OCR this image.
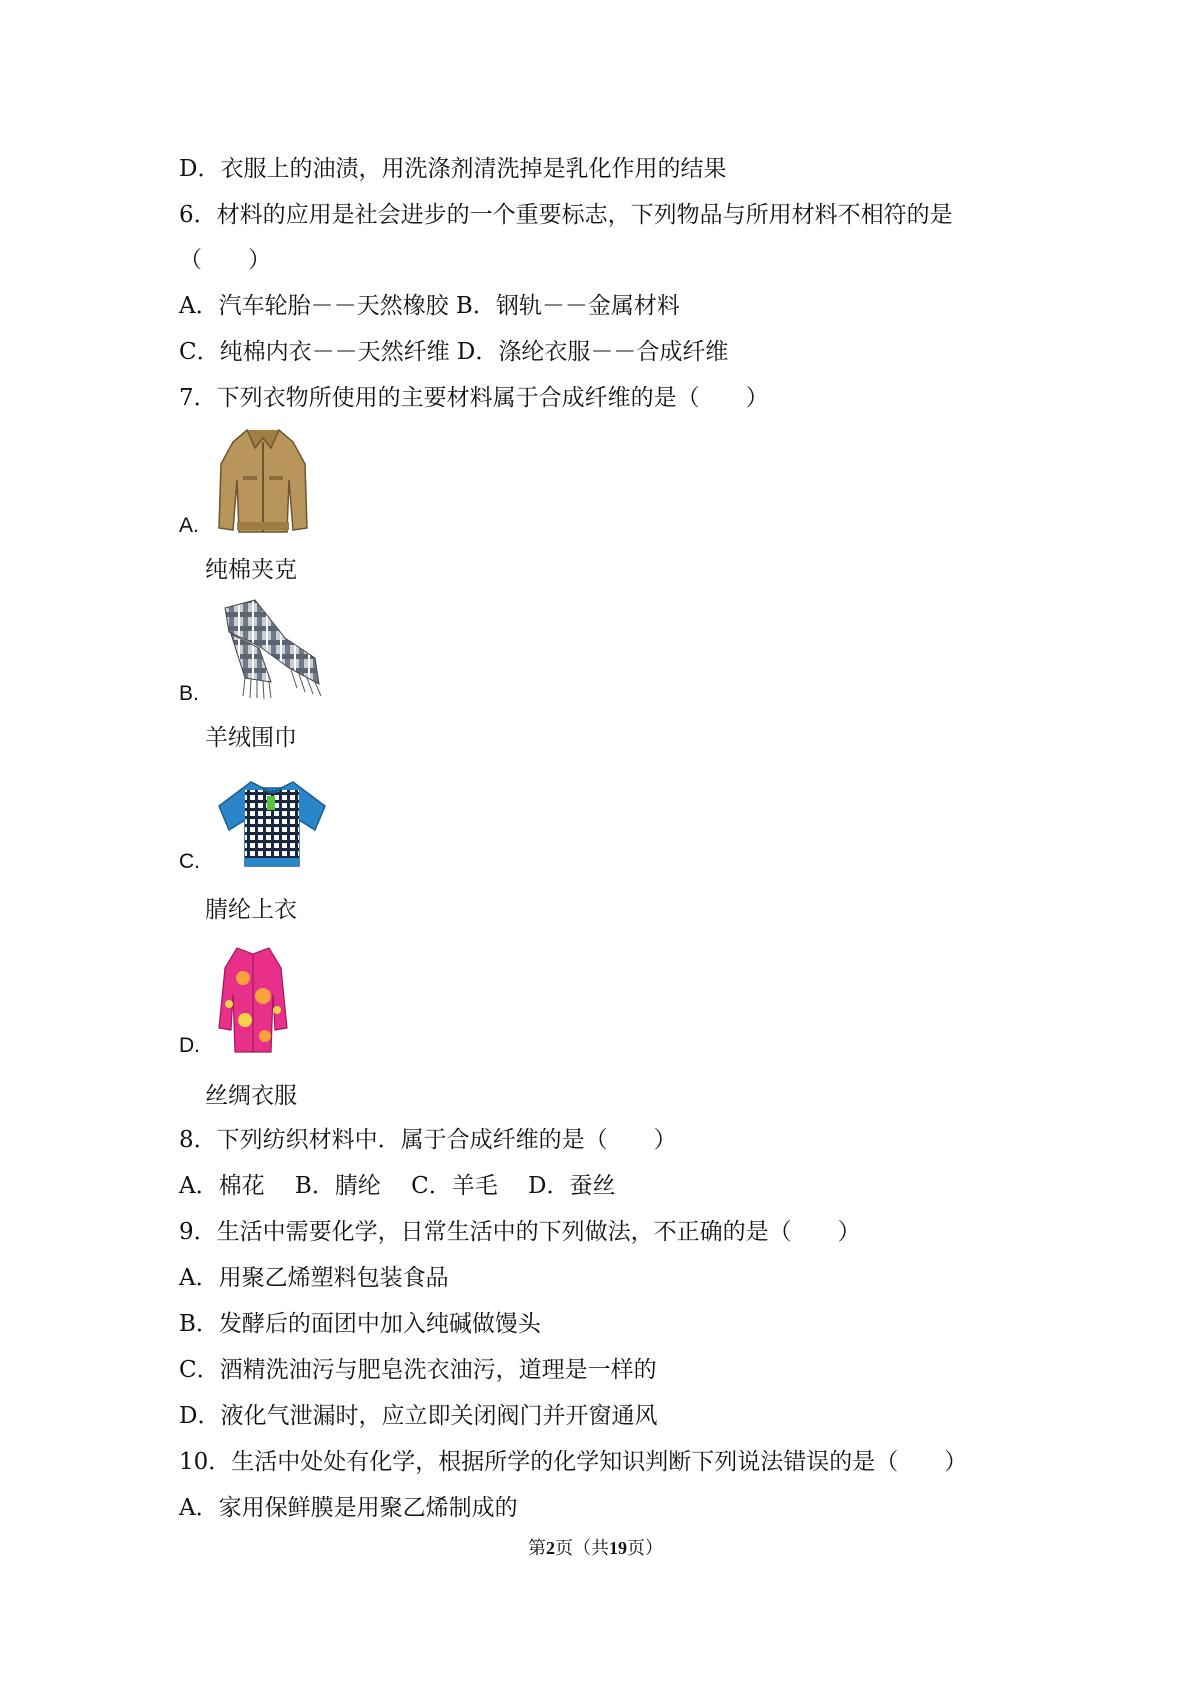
D．衣服上的油渍，用洗涤剂清洗掉是乳化作用的结果
6．材料的应用是社会进步的一个重要标志，下列物品与所用材料不相符的是
（　　）
A．汽车轮胎－－天然橡胶 B．钢轨－－金属材料
C．纯棉内衣－－天然纤维 D．涤纶衣服－－合成纤维
7．下列衣物所使用的主要材料属于合成纤维的是（　　）
A.
纯棉夹克
B.
羊绒围巾
C.
腈纶上衣
D.
丝绸衣服
8．下列纺织材料中．属于合成纤维的是（　　）
A．棉花　 B．腈纶　 C．羊毛　 D．蚕丝
9．生活中需要化学，日常生活中的下列做法，不正确的是（　　）
A．用聚乙烯塑料包装食品
B．发酵后的面团中加入纯碱做馒头
C．酒精洗油污与肥皂洗衣油污，道理是一样的
D．液化气泄漏时，应立即关闭阀门并开窗通风
10．生活中处处有化学，根据所学的化学知识判断下列说法错误的是（　　）
A．家用保鲜膜是用聚乙烯制成的
第2页（共19页）
